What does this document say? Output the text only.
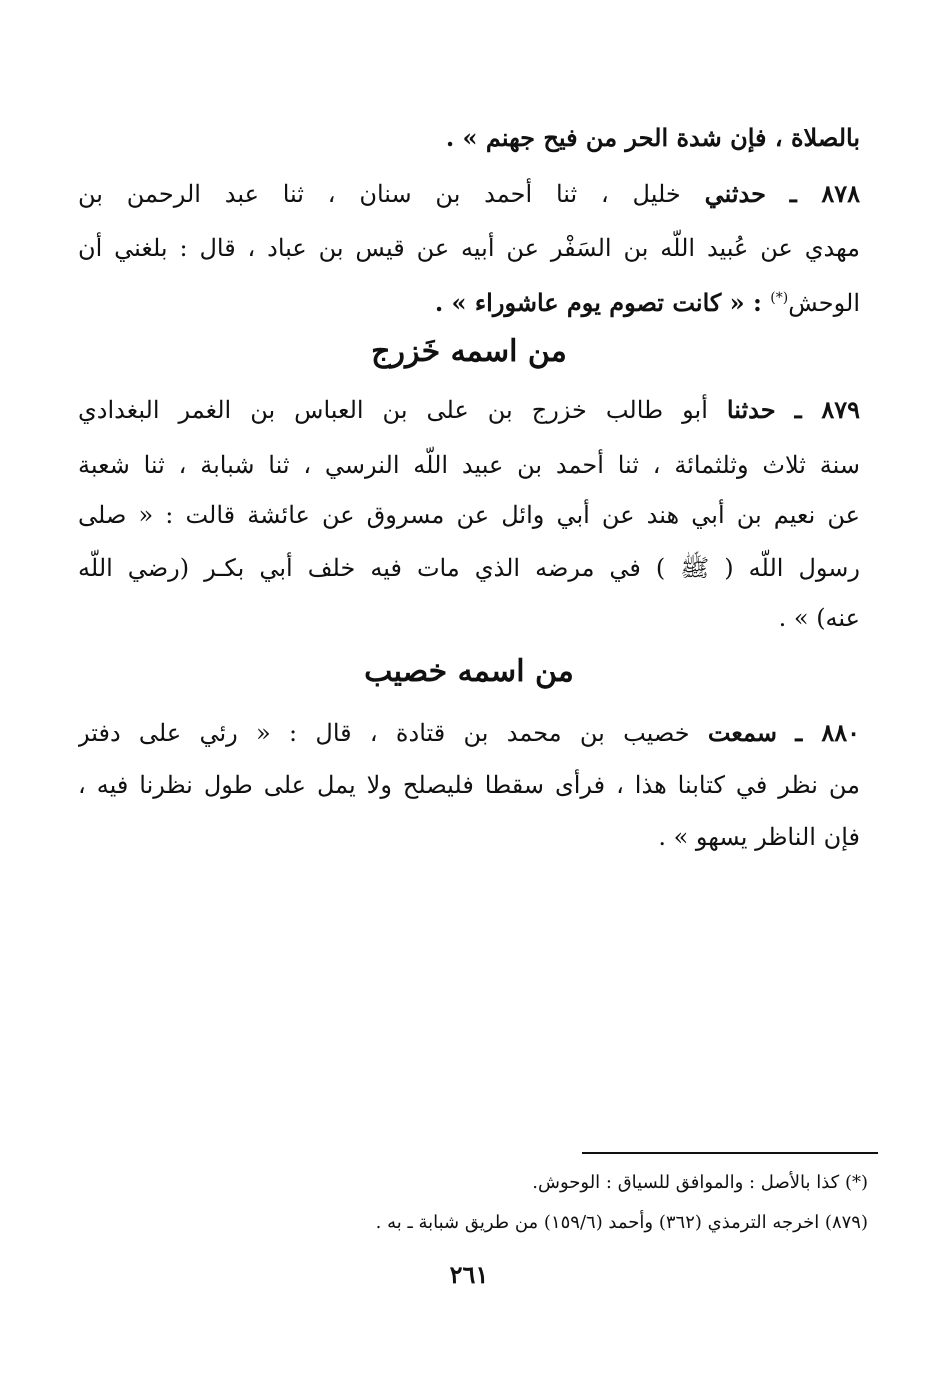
بالصلاة ، فإن شدة الحر من فيح جهنم » .
٨٧٨ ـ حدثني خليل ، ثنا أحمد بن سنان ، ثنا عبد الرحمن بن
مهدي عن عُبيد اللّه بن السَفْر عن أبيه عن قيس بن عباد ، قال : بلغني أن
الوحش(*) : « كانت تصوم يوم عاشوراء » .
من اسمه خَزرج
٨٧٩ ـ حدثنا أبو طالب خزرج بن على بن العباس بن الغمر البغدادي
سنة ثلاث وثلثمائة ، ثنا أحمد بن عبيد اللّه النرسي ، ثنا شبابة ، ثنا شعبة
عن نعيم بن أبي هند عن أبي وائل عن مسروق عن عائشة قالت : « صلى
رسول اللّه ( ﷺ ) في مرضه الذي مات فيه خلف أبي بكـر (رضي اللّه
عنه) » .
من اسمه خصيب
٨٨٠ ـ سمعت خصيب بن محمد بن قتادة ، قال : « رئي على دفتر
من نظر في كتابنا هذا ، فرأى سقطا فليصلح ولا يمل على طول نظرنا فيه ،
فإن الناظر يسهو » .
(*) كذا بالأصل : والموافق للسياق : الوحوش.
(٨٧٩) اخرجه الترمذي (٣٦٢) وأحمد (١٥٩/٦) من طريق شبابة ـ به .
٢٦١
